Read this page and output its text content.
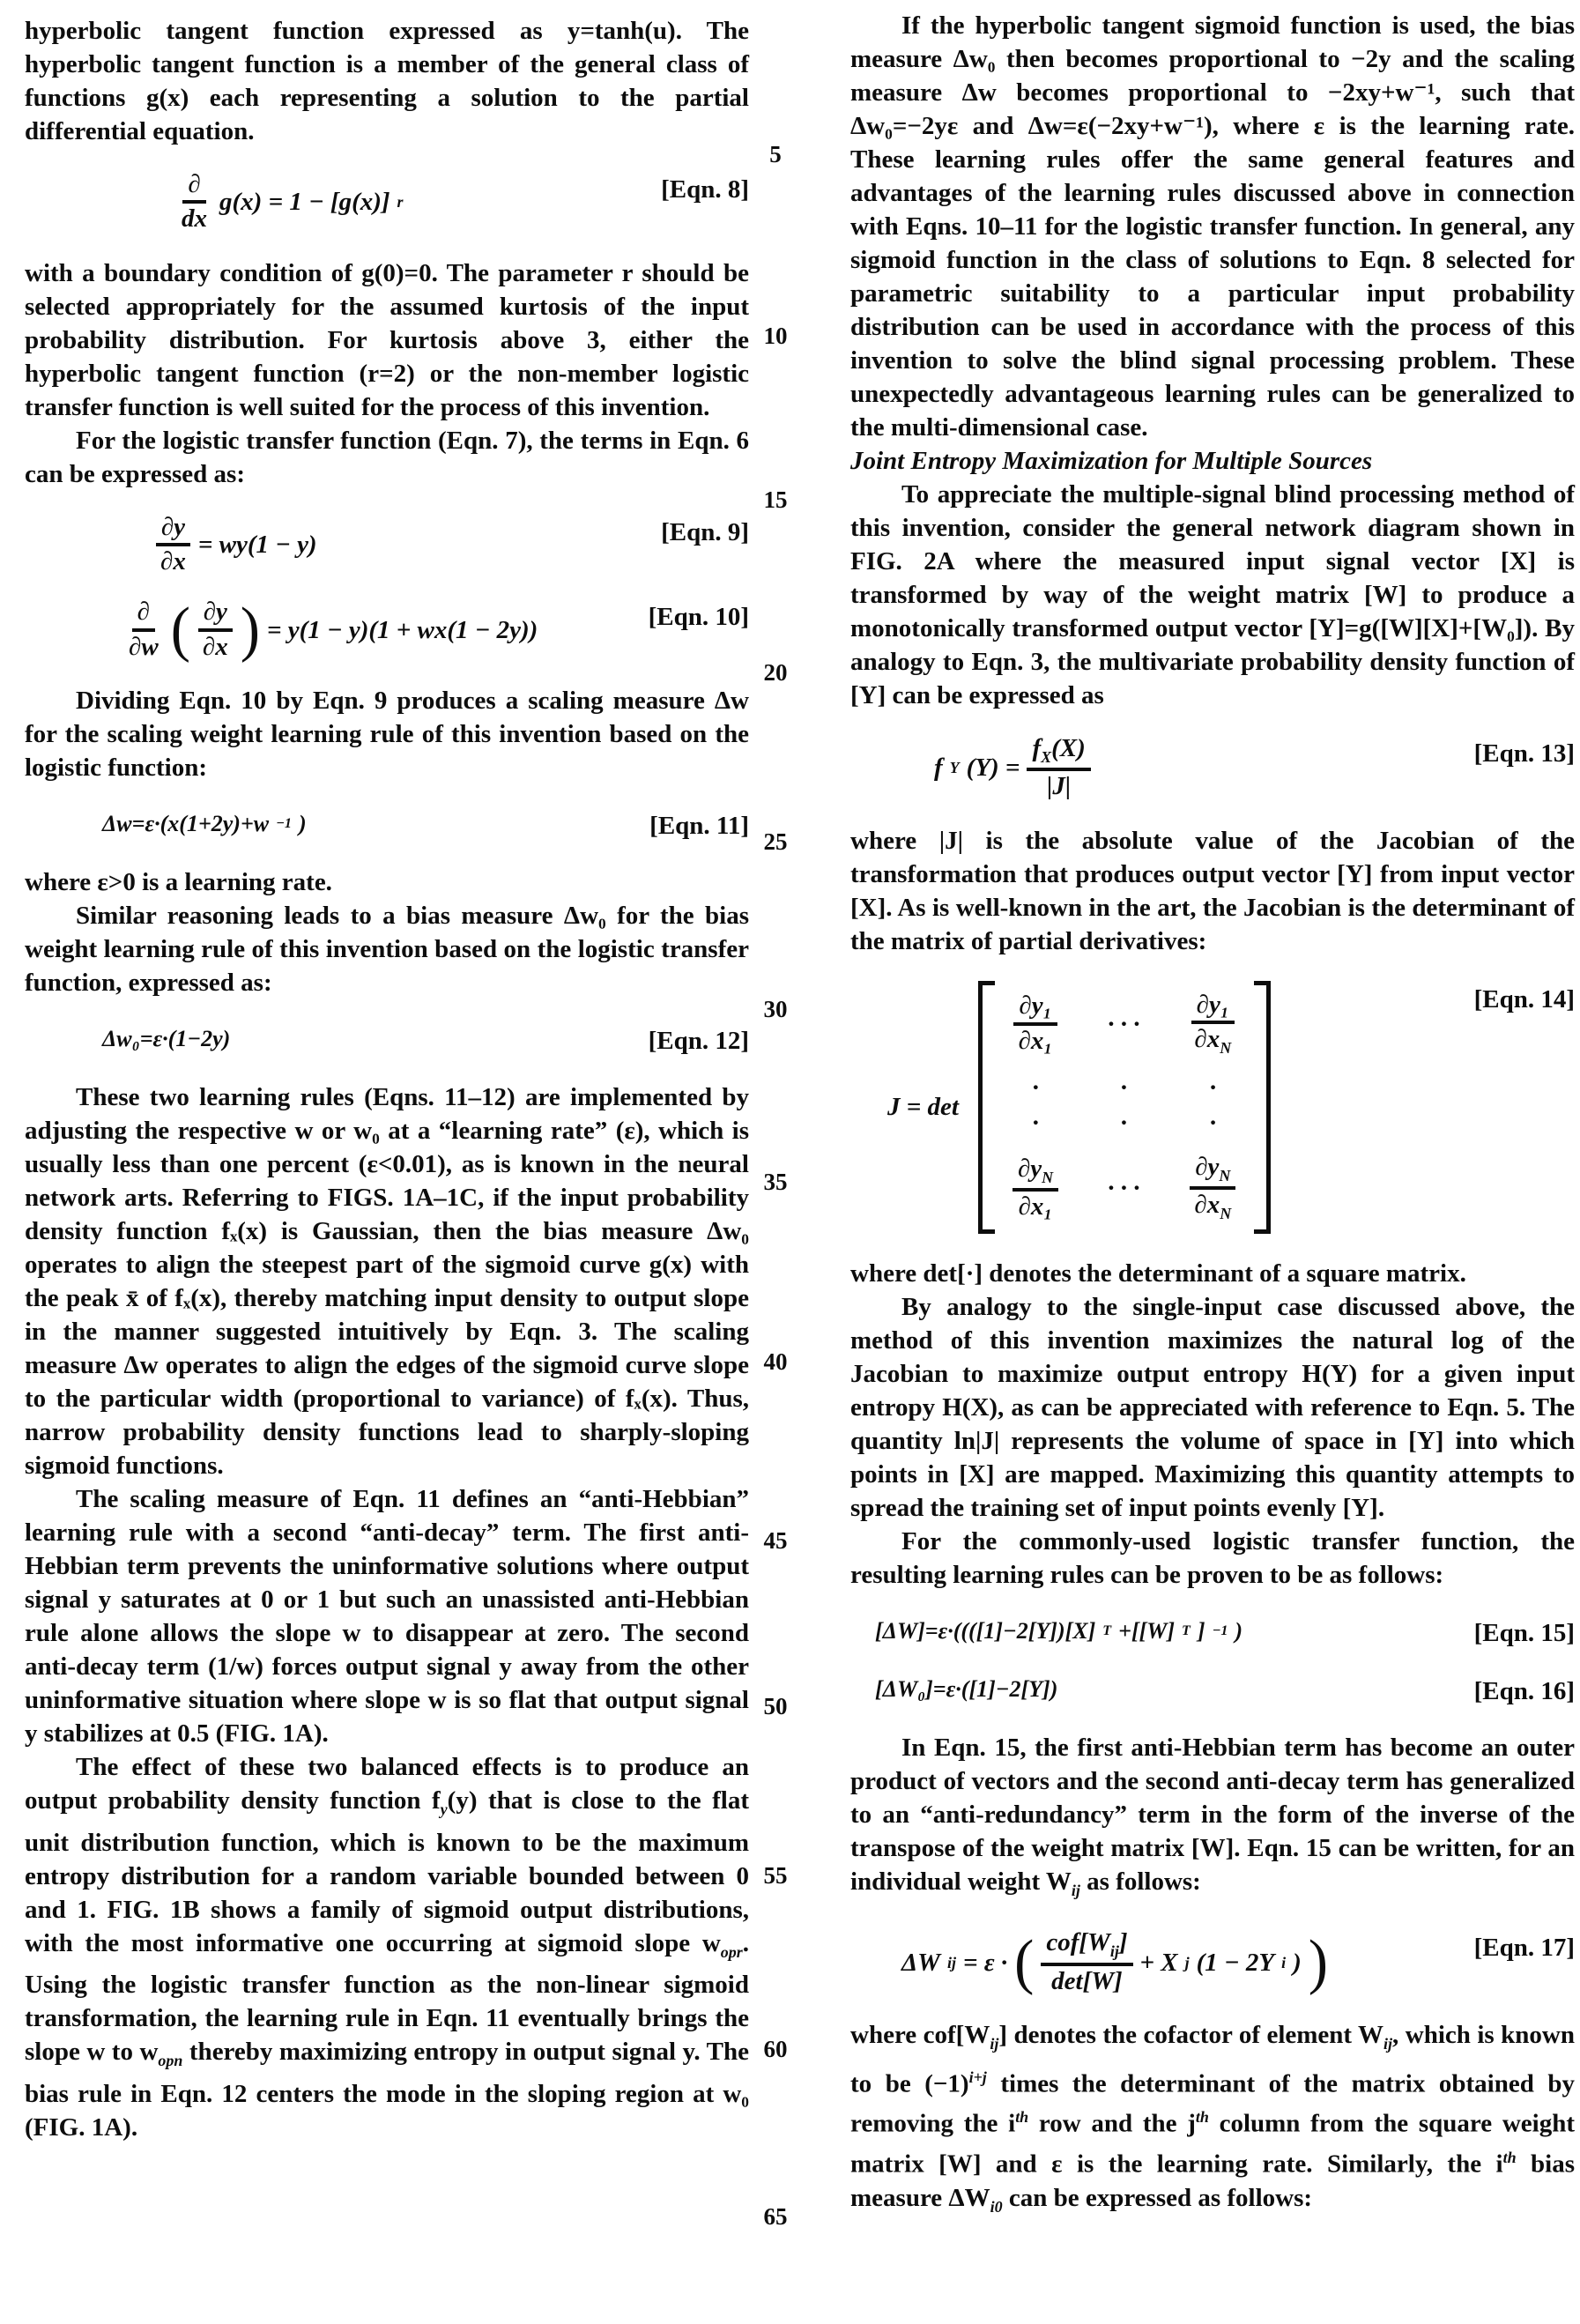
5
10
15
20
25
30
35
40
45
50
55
60
65

hyperbolic tangent function expressed as y=tanh(u). The hyperbolic tangent function is a member of the general class of functions g(x) each representing a solution to the partial differential equation.

∂
dx
g(x) = 1 − [g(x)] r	[Eqn. 8]

with a boundary condition of g(0)=0. The parameter r should be selected appropriately for the assumed kurtosis of the input probability distribution. For kurtosis above 3, either the hyperbolic tangent function (r=2) or the non-member logistic transfer function is well suited for the process of this invention.

For the logistic transfer function (Eqn. 7), the terms in Eqn. 6 can be expressed as:

$\frac{\partial y}{\partial x} = wy(1 - y)$	[Eqn. 9]
∂
∂w ( $\frac{\partial y}{\partial x}$ ) = y(1 − y)(1 + wx(1 − 2y))	[Eqn. 10]

Dividing Eqn. 10 by Eqn. 9 produces a scaling measure Δw for the scaling weight learning rule of this invention based on the logistic function:

Δw=ε·(x(1+2y)+w −1 )	[Eqn. 11]

where ε>0 is a learning rate.

Similar reasoning leads to a bias measure Δw₀ for the bias weight learning rule of this invention based on the logistic transfer function, expressed as:

Δw₀=ε·(1−2y)	[Eqn. 12]

These two learning rules (Eqns. 11–12) are implemented by adjusting the respective w or w₀ at a “learning rate” (ε), which is usually less than one percent (ε<0.01), as is known in the neural network arts. Referring to FIGS. 1A–1C, if the input probability density function fₓ(x) is Gaussian, then the bias measure Δw₀ operates to align the steepest part of the sigmoid curve g(x) with the peak x̄ of fₓ(x), thereby matching input density to output slope in the manner suggested intuitively by Eqn. 3. The scaling measure Δw operates to align the edges of the sigmoid curve slope to the particular width (proportional to variance) of fₓ(x). Thus, narrow probability density functions lead to sharply-sloping sigmoid functions.

The scaling measure of Eqn. 11 defines an “anti-Hebbian” learning rule with a second “anti-decay” term. The first anti-Hebbian term prevents the uninformative solutions where output signal y saturates at 0 or 1 but such an unassisted anti-Hebbian rule alone allows the slope w to disappear at zero. The second anti-decay term (1/w) forces output signal y away from the other uninformative situation where slope w is so flat that output signal y stabilizes at 0.5 (FIG. 1A).

The effect of these two balanced effects is to produce an output probability density function $f_y(y)$ that is close to the flat unit distribution function, which is known to be the maximum entropy distribution for a random variable bounded between 0 and 1. FIG. 1B shows a family of sigmoid output distributions, with the most informative one occurring at sigmoid slope $w_{opr}$. Using the logistic transfer function as the non-linear sigmoid transformation, the learning rule in Eqn. 11 eventually brings the slope w to $w_{opn}$ thereby maximizing entropy in output signal y. The bias rule in Eqn. 12 centers the mode in the sloping region at w₀ (FIG. 1A).

If the hyperbolic tangent sigmoid function is used, the bias measure Δw₀ then becomes proportional to −2y and the scaling measure Δw becomes proportional to −2xy+w⁻¹, such that Δw₀=−2yε and Δw=ε(−2xy+w⁻¹), where ε is the learning rate. These learning rules offer the same general features and advantages of the learning rules discussed above in connection with Eqns. 10–11 for the logistic transfer function. In general, any sigmoid function in the class of solutions to Eqn. 8 selected for parametric suitability to a particular input probability distribution can be used in accordance with the process of this invention to solve the blind signal processing problem. These unexpectedly advantageous learning rules can be generalized to the multi-dimensional case.

Joint Entropy Maximization for Multiple Sources

To appreciate the multiple-signal blind processing method of this invention, consider the general network diagram shown in FIG. 2A where the measured input signal vector [X] is transformed by way of the weight matrix [W] to produce a monotonically transformed output vector [Y]=g([W][X]+[W₀]). By analogy to Eqn. 3, the multivariate probability density function of [Y] can be expressed as

f Y $(Y) = \frac{f_X(X)}{|J|}$	[Eqn. 13]

where |J| is the absolute value of the Jacobian of the transformation that produces output vector [Y] from input vector [X]. As is well-known in the art, the Jacobian is the determinant of the matrix of partial derivatives:

J = det
$\frac{\text{∂y₁}}{\text{∂x₁}}$ · · · $\frac{\text{∂y₁}}{\partial x_N}$
·	·	·
·	·	·
$\frac{\partial y_N}{\text{∂x₁}}$ · · · $\frac{\partial y_N}{\partial x_N}$
[Eqn. 14]

where det[·] denotes the determinant of a square matrix.

By analogy to the single-input case discussed above, the method of this invention maximizes the natural log of the Jacobian to maximize output entropy H(Y) for a given input entropy H(X), as can be appreciated with reference to Eqn. 5. The quantity ln|J| represents the volume of space in [Y] into which points in [X] are mapped. Maximizing this quantity attempts to spread the training set of input points evenly [Y].

For the commonly-used logistic transfer function, the resulting learning rules can be proven to be as follows:

[ΔW]=ε·((([1]−2[Y])[X] T +[[W] T ] −1 )	[Eqn. 15]
[ΔW₀]=ε·([1]−2[Y])	[Eqn. 16]

In Eqn. 15, the first anti-Hebbian term has become an outer product of vectors and the second anti-decay term has generalized to an “anti-redundancy” term in the form of the inverse of the transpose of the weight matrix [W]. Eqn. 15 can be written, for an individual weight $W_{ij}$ as follows:

ΔW ij = ε · ( $cof[W_{ij}]$
det[W]
+ X j (1 − 2Y i ) )	[Eqn. 17]

where $cof[W_{ij}]$ denotes the cofactor of element $W_{ij}$, which is known to be $(-1)^{i+j}$ times the determinant of the matrix obtained by removing the $i^{th}$ row and the $j^{th}$ column from the square weight matrix [W] and ε is the learning rate. Similarly, the $i^{th}$ bias measure $\Delta W_{i0}$ can be expressed as follows:
